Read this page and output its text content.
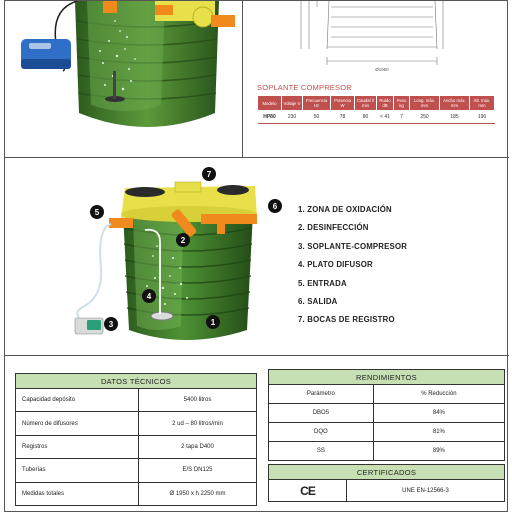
Ø1950
SOPLANTE COMPRESOR
Modelo	Voltaje V	Frecuencia Hz	Potencia W	Caudal l/ min	Ruido dB	Peso kg	Long. máx. mm	Ancho máx. mm	Alt. máx. mm
HP80	230	50	78	80	< 41	7	250	185	196
1
2
3
4
5
6
7
1. ZONA DE OXIDACIÓN
2. DESINFECCIÓN
3. SOPLANTE-COMPRESOR
4. PLATO DIFUSOR
5. ENTRADA
6. SALIDA
7. BOCAS DE REGISTRO
DATOS TÉCNICOS	
Capacidad depósito	5400 litros
Número de difusores	2 ud – 80 litros/min
Registros	2 tapa D400
Tuberías	E/S DN125
Medidas totales	Ø 1950 x h 2250 mm
RENDIMIENTOS	
Parámetro	% Reducción
DBO5	84%
DQO	81%
SS	89%
CERTIFICADOS
CE	UNE EN-12566-3
